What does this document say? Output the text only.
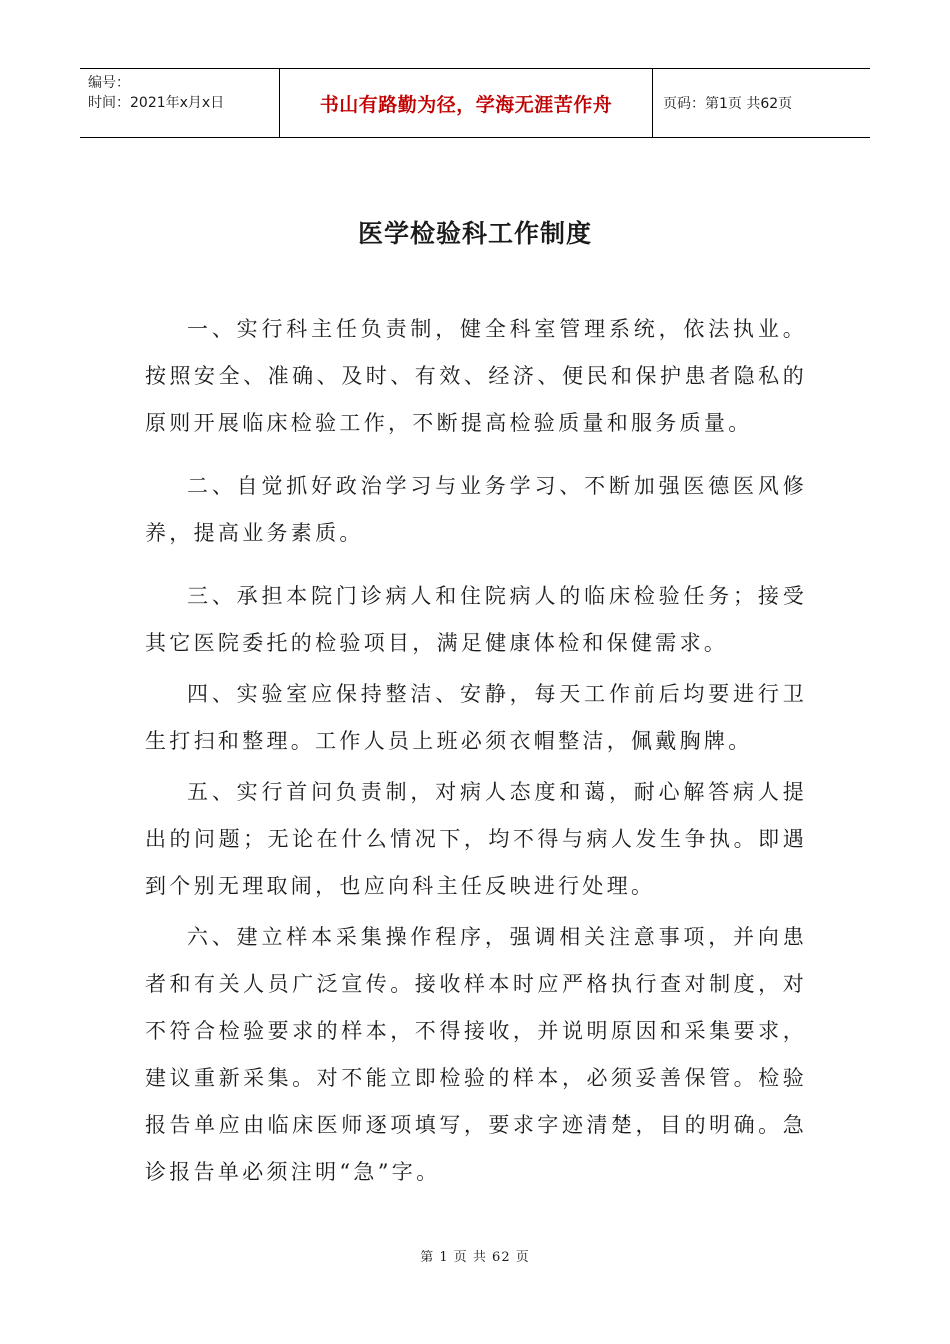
编号：
时间：2021年x月x日	书山有路勤为径，学海无涯苦作舟	页码：第1页 共62页
医学检验科工作制度

一、实行科主任负责制，健全科室管理系统，依法执业。按照安全、准确、及时、有效、经济、便民和保护患者隐私的原则开展临床检验工作，不断提高检验质量和服务质量。

二、自觉抓好政治学习与业务学习、不断加强医德医风修养，提高业务素质。

三、承担本院门诊病人和住院病人的临床检验任务；接受其它医院委托的检验项目，满足健康体检和保健需求。

四、实验室应保持整洁、安静，每天工作前后均要进行卫生打扫和整理。工作人员上班必须衣帽整洁，佩戴胸牌。

五、实行首问负责制，对病人态度和蔼，耐心解答病人提出的问题；无论在什么情况下，均不得与病人发生争执。即遇到个别无理取闹，也应向科主任反映进行处理。

六、建立样本采集操作程序，强调相关注意事项，并向患者和有关人员广泛宣传。接收样本时应严格执行查对制度，对不符合检验要求的样本，不得接收，并说明原因和采集要求，建议重新采集。对不能立即检验的样本，必须妥善保管。检验报告单应由临床医师逐项填写，要求字迹清楚，目的明确。急诊报告单必须注明“急”字。

第 1 页 共 62 页
